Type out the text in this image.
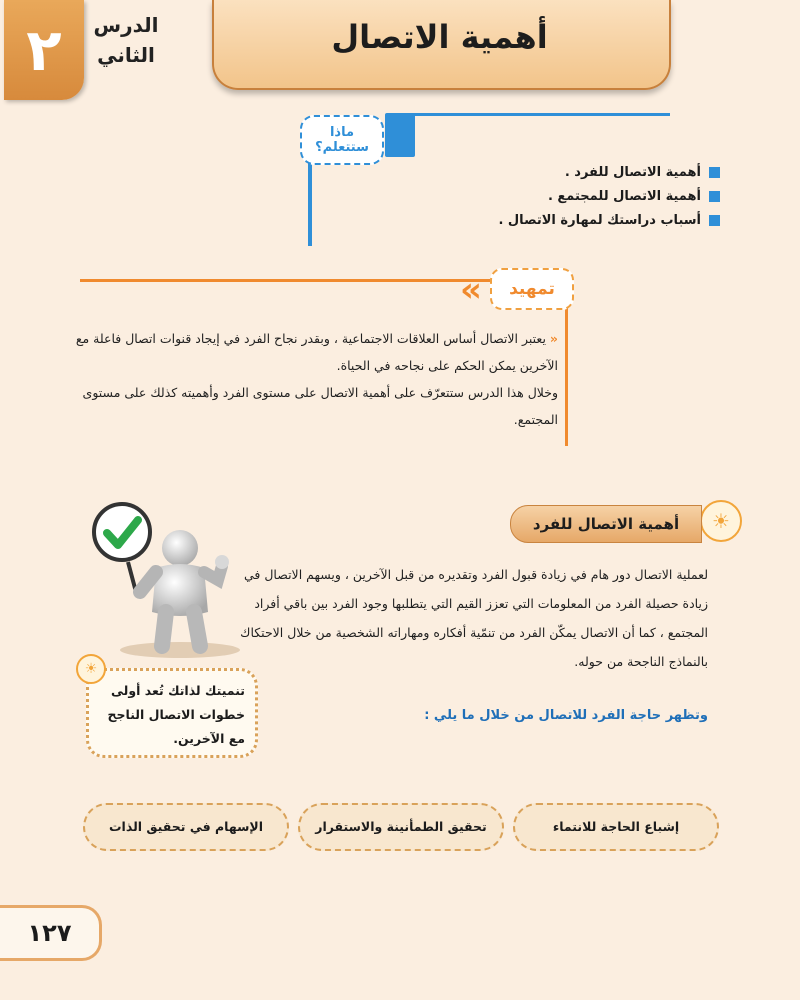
٢	الدرس
الثاني	أهمية الاتصال
ماذا
ستتعلم؟
أهمية الاتصال للفرد .
أهمية الاتصال للمجتمع .
أسباب دراستك لمهارة الاتصال .
«	تمهيد
« يعتبر الاتصال أساس العلاقات الاجتماعية ، وبقدر نجاح الفرد في إيجاد قنوات اتصال فاعلة مع الآخرين يمكن الحكم على نجاحه في الحياة.
وخلال هذا الدرس ستتعرّف على أهمية الاتصال على مستوى الفرد وأهميته كذلك على مستوى المجتمع.
☀
أهمية الاتصال للفرد
لعملية الاتصال دور هام في زيادة قبول الفرد وتقديره من قبل الآخرين ، ويسهم الاتصال في زيادة حصيلة الفرد من المعلومات التي تعزز القيم التي يتطلبها وجود الفرد بين باقي أفراد المجتمع ، كما أن الاتصال يمكّن الفرد من تنمّية أفكاره ومهاراته الشخصية من خلال الاحتكاك بالنماذج الناجحة من حوله.
وتظهر حاجة الفرد للاتصال من خلال ما يلي :
تنميتك لذاتك تُعد أولى خطوات الاتصال الناجح مع الآخرين.
☀
إشباع الحاجة للانتماء
تحقيق الطمأنينة والاستقرار
الإسهام في تحقيق الذات
١٢٧
